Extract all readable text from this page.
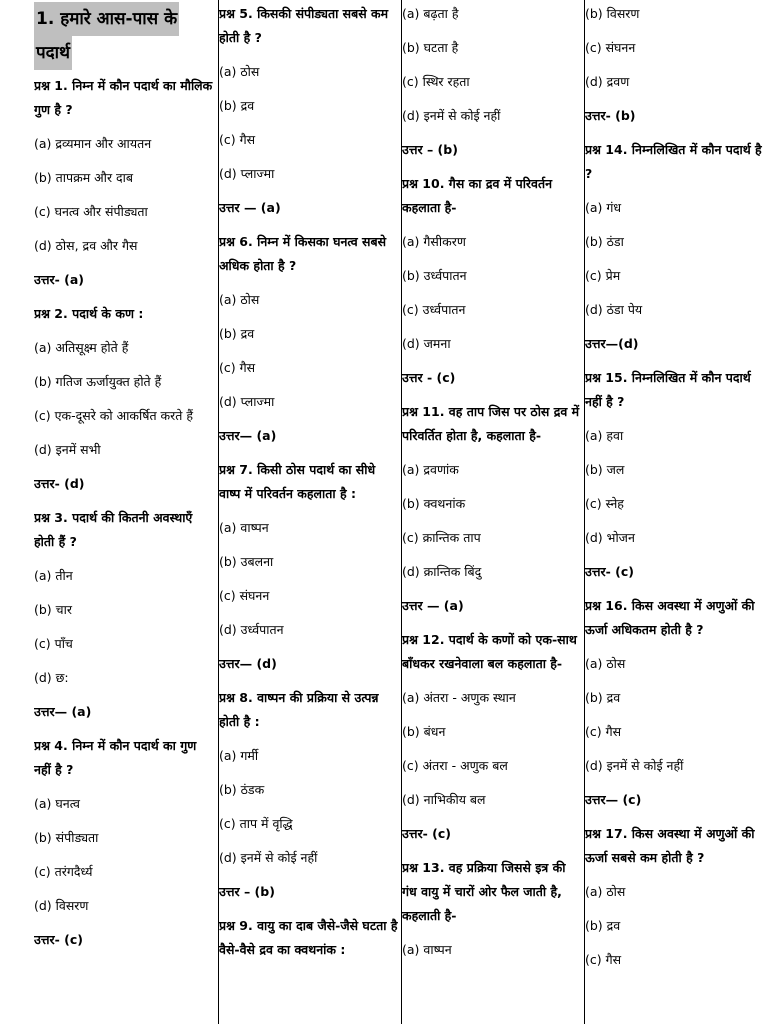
1. हमारे आस-पास के
पदार्थ
प्रश्न 1. निम्न में कौन पदार्थ का मौलिक गुण है ?
(a) द्रव्यमान और आयतन
(b) तापक्रम और दाब
(c) घनत्व और संपीड्यता
(d) ठोस, द्रव और गैस
उत्तर- (a)
प्रश्न 2. पदार्थ के कण :
(a) अतिसूक्ष्म होते हैं
(b) गतिज ऊर्जायुक्त होते हैं
(c) एक-दूसरे को आकर्षित करते हैं
(d) इनमें सभी
उत्तर- (d)
प्रश्न 3. पदार्थ की कितनी अवस्थाएँ होती हैं ?
(a) तीन
(b) चार
(c) पाँच
(d) छ:
उत्तर— (a)
प्रश्न 4. निम्न में कौन पदार्थ का गुण नहीं है ?
(a) घनत्व
(b) संपीड्यता
(c) तरंगदैर्ध्य
(d) विसरण
उत्तर- (c)
प्रश्न 5. किसकी संपीड्यता सबसे कम होती है ?
(a) ठोस
(b) द्रव
(c) गैस
(d) प्लाज्मा
उत्तर — (a)
प्रश्न 6. निम्न में किसका घनत्व सबसे अधिक होता है ?
(a) ठोस
(b) द्रव
(c) गैस
(d) प्लाज्मा
उत्तर— (a)
प्रश्न 7. किसी ठोस पदार्थ का सीधे वाष्प में परिवर्तन कहलाता है :
(a) वाष्पन
(b) उबलना
(c) संघनन
(d) उर्ध्वपातन
उत्तर— (d)
प्रश्न 8. वाष्पन की प्रक्रिया से उत्पन्न होती है :
(a) गर्मी
(b) ठंडक
(c) ताप में वृद्धि
(d) इनमें से कोई नहीं
उत्तर – (b)
प्रश्न 9. वायु का दाब जैसे-जैसे घटता है वैसे-वैसे द्रव का क्वथनांक :
(a) बढ़ता है
(b) घटता है
(c) स्थिर रहता
(d) इनमें से कोई नहीं
उत्तर – (b)
प्रश्न 10. गैस का द्रव में परिवर्तन कहलाता है-
(a) गैसीकरण
(b) उर्ध्वपातन
(c) उर्ध्वपातन
(d) जमना
उत्तर - (c)
प्रश्न 11. वह ताप जिस पर ठोस द्रव में परिवर्तित होता है, कहलाता है-
(a) द्रवणांक
(b) क्वथनांक
(c) क्रान्तिक ताप
(d) क्रान्तिक बिंदु
उत्तर — (a)
प्रश्न 12. पदार्थ के कणों को एक-साथ बाँधकर रखनेवाला बल कहलाता है-
(a) अंतरा - अणुक स्थान
(b) बंधन
(c) अंतरा - अणुक बल
(d) नाभिकीय बल
उत्तर- (c)
प्रश्न 13. वह प्रक्रिया जिससे इत्र की गंध वायु में चारों ओर फैल जाती है, कहलाती है-
(a) वाष्पन
(b) विसरण
(c) संघनन
(d) द्रवण
उत्तर- (b)
प्रश्न 14. निम्नलिखित में कौन पदार्थ है ?
(a) गंध
(b) ठंडा
(c) प्रेम
(d) ठंडा पेय
उत्तर—(d)
प्रश्न 15. निम्नलिखित में कौन पदार्थ नहीं है ?
(a) हवा
(b) जल
(c) स्नेह
(d) भोजन
उत्तर- (c)
प्रश्न 16. किस अवस्था में अणुओं की ऊर्जा अधिकतम होती है ?
(a) ठोस
(b) द्रव
(c) गैस
(d) इनमें से कोई नहीं
उत्तर— (c)
प्रश्न 17. किस अवस्था में अणुओं की ऊर्जा सबसे कम होती है ?
(a) ठोस
(b) द्रव
(c) गैस
